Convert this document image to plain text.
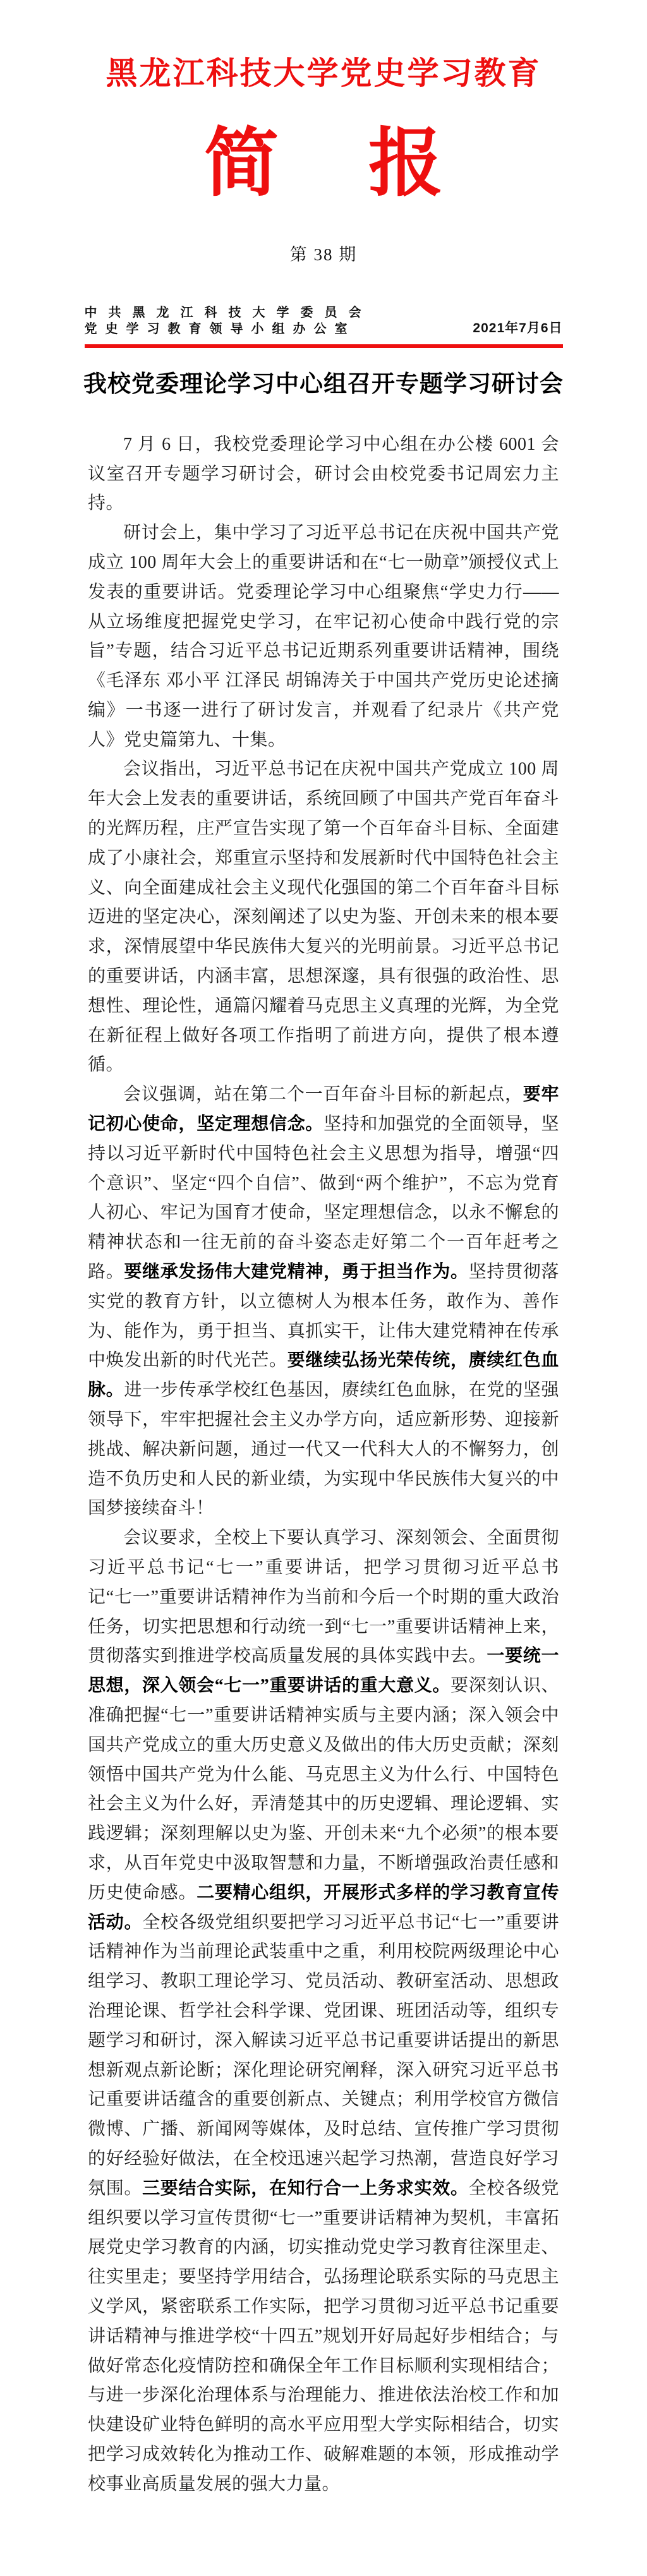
黑龙江科技大学党史学习教育
简 报
第 38 期
中共黑龙江科技大学委员会
党史学习教育领导小组办公室	2021年7月6日
我校党委理论学习中心组召开专题学习研讨会

7 月 6 日，我校党委理论学习中心组在办公楼 6001 会议室召开专题学习研讨会，研讨会由校党委书记周宏力主持。

研讨会上，集中学习了习近平总书记在庆祝中国共产党成立 100 周年大会上的重要讲话和在“七一勋章”颁授仪式上发表的重要讲话。党委理论学习中心组聚焦“学史力行——从立场维度把握党史学习，在牢记初心使命中践行党的宗旨”专题，结合习近平总书记近期系列重要讲话精神，围绕《毛泽东 邓小平 江泽民 胡锦涛关于中国共产党历史论述摘编》一书逐一进行了研讨发言，并观看了纪录片《共产党人》党史篇第九、十集。

会议指出，习近平总书记在庆祝中国共产党成立 100 周年大会上发表的重要讲话，系统回顾了中国共产党百年奋斗的光辉历程，庄严宣告实现了第一个百年奋斗目标、全面建成了小康社会，郑重宣示坚持和发展新时代中国特色社会主义、向全面建成社会主义现代化强国的第二个百年奋斗目标迈进的坚定决心，深刻阐述了以史为鉴、开创未来的根本要求，深情展望中华民族伟大复兴的光明前景。习近平总书记的重要讲话，内涵丰富，思想深邃，具有很强的政治性、思想性、理论性，通篇闪耀着马克思主义真理的光辉，为全党在新征程上做好各项工作指明了前进方向，提供了根本遵循。

会议强调，站在第二个一百年奋斗目标的新起点，要牢记初心使命，坚定理想信念。坚持和加强党的全面领导，坚持以习近平新时代中国特色社会主义思想为指导，增强“四个意识”、坚定“四个自信”、做到“两个维护”，不忘为党育人初心、牢记为国育才使命，坚定理想信念，以永不懈怠的精神状态和一往无前的奋斗姿态走好第二个一百年赶考之路。要继承发扬伟大建党精神，勇于担当作为。坚持贯彻落实党的教育方针，以立德树人为根本任务，敢作为、善作为、能作为，勇于担当、真抓实干，让伟大建党精神在传承中焕发出新的时代光芒。要继续弘扬光荣传统，赓续红色血脉。进一步传承学校红色基因，赓续红色血脉，在党的坚强领导下，牢牢把握社会主义办学方向，适应新形势、迎接新挑战、解决新问题，通过一代又一代科大人的不懈努力，创造不负历史和人民的新业绩，为实现中华民族伟大复兴的中国梦接续奋斗！

会议要求，全校上下要认真学习、深刻领会、全面贯彻习近平总书记“七一”重要讲话，把学习贯彻习近平总书记“七一”重要讲话精神作为当前和今后一个时期的重大政治任务，切实把思想和行动统一到“七一”重要讲话精神上来，贯彻落实到推进学校高质量发展的具体实践中去。一要统一思想，深入领会“七一”重要讲话的重大意义。要深刻认识、准确把握“七一”重要讲话精神实质与主要内涵；深入领会中国共产党成立的重大历史意义及做出的伟大历史贡献；深刻领悟中国共产党为什么能、马克思主义为什么行、中国特色社会主义为什么好，弄清楚其中的历史逻辑、理论逻辑、实践逻辑；深刻理解以史为鉴、开创未来“九个必须”的根本要求，从百年党史中汲取智慧和力量，不断增强政治责任感和历史使命感。二要精心组织，开展形式多样的学习教育宣传活动。全校各级党组织要把学习习近平总书记“七一”重要讲话精神作为当前理论武装重中之重，利用校院两级理论中心组学习、教职工理论学习、党员活动、教研室活动、思想政治理论课、哲学社会科学课、党团课、班团活动等，组织专题学习和研讨，深入解读习近平总书记重要讲话提出的新思想新观点新论断；深化理论研究阐释，深入研究习近平总书记重要讲话蕴含的重要创新点、关键点；利用学校官方微信微博、广播、新闻网等媒体，及时总结、宣传推广学习贯彻的好经验好做法，在全校迅速兴起学习热潮，营造良好学习氛围。三要结合实际，在知行合一上务求实效。全校各级党组织要以学习宣传贯彻“七一”重要讲话精神为契机，丰富拓展党史学习教育的内涵，切实推动党史学习教育往深里走、往实里走；要坚持学用结合，弘扬理论联系实际的马克思主义学风，紧密联系工作实际，把学习贯彻习近平总书记重要讲话精神与推进学校“十四五”规划开好局起好步相结合；与做好常态化疫情防控和确保全年工作目标顺利实现相结合；与进一步深化治理体系与治理能力、推进依法治校工作和加快建设矿业特色鲜明的高水平应用型大学实际相结合，切实把学习成效转化为推动工作、破解难题的本领，形成推动学校事业高质量发展的强大力量。
